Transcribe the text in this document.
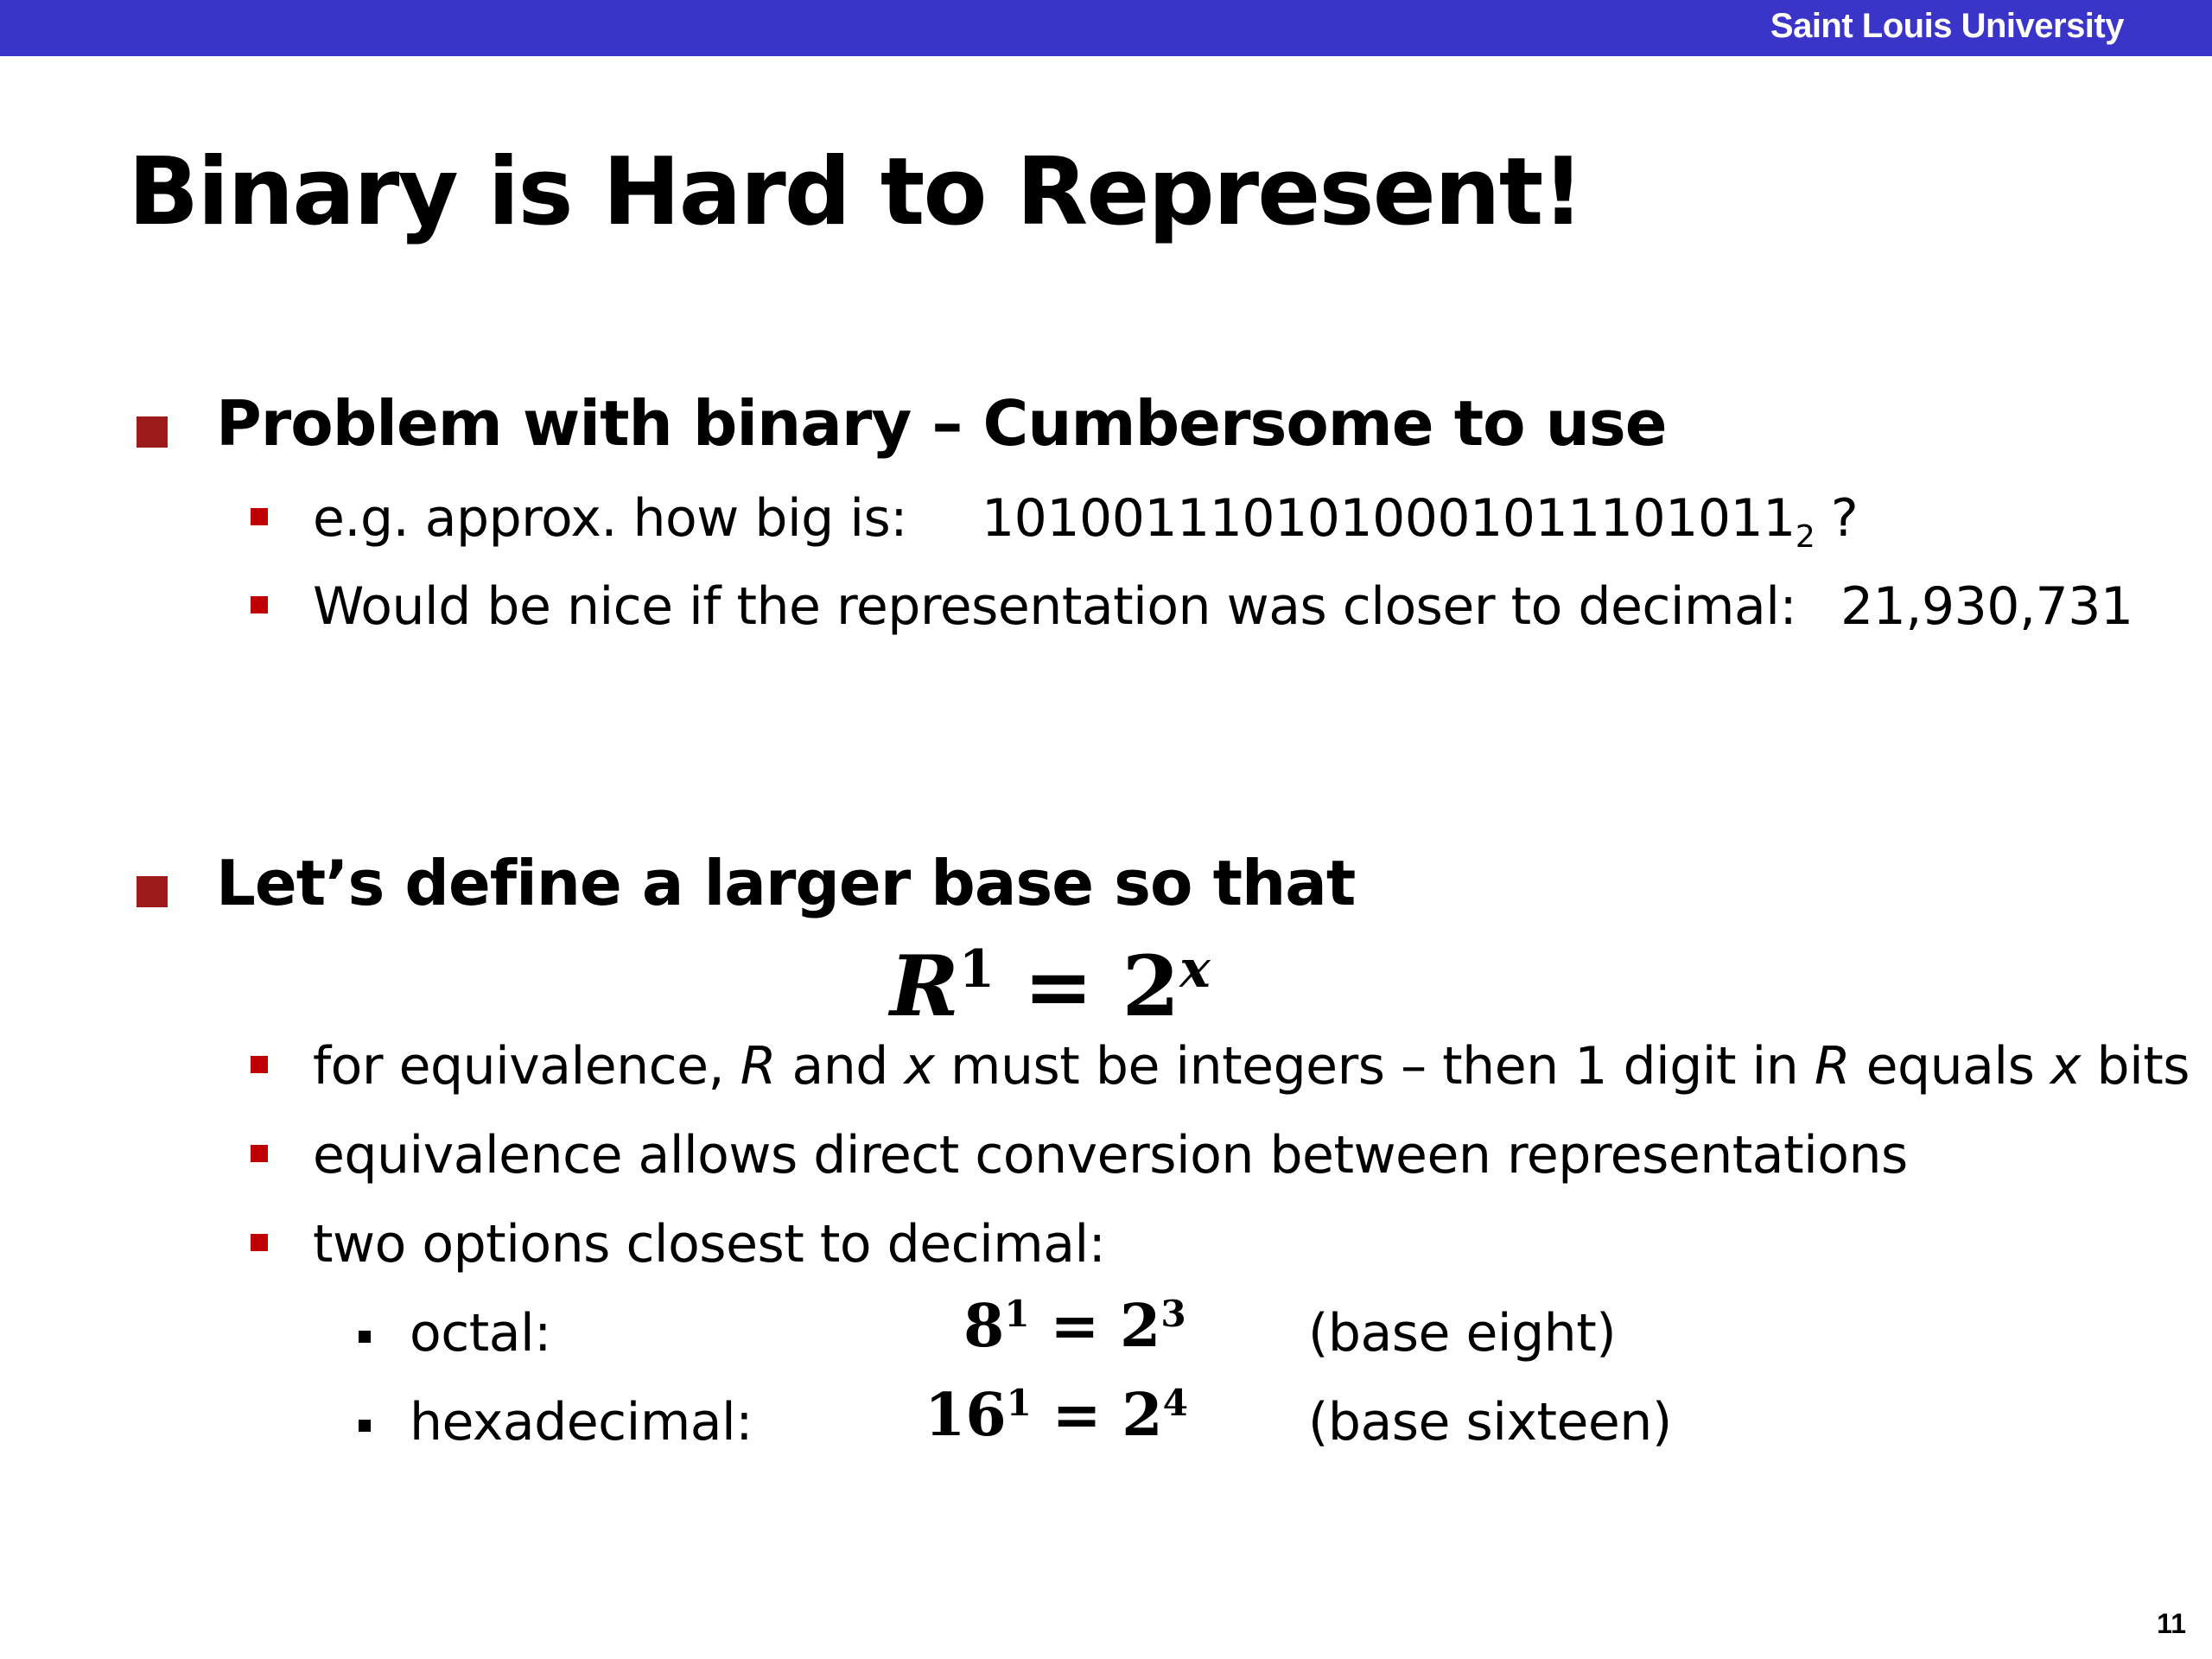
Saint Louis University
Binary is Hard to Represent!
Problem with binary – Cumbersome to use
e.g. approx. how big is: $1010011101010001011101011_2$ ?
Would be nice if the representation was closer to decimal: 21,930,731
Let’s define a larger base so that
$R^1 = 2^x$
for equivalence, R and x must be integers – then 1 digit in R equals x bits
equivalence allows direct conversion between representations
two options closest to decimal:
octal:	$8^1 = 2^3$ (base eight)
hexadecimal:	$16^1 = 2^4$ (base sixteen)
11
